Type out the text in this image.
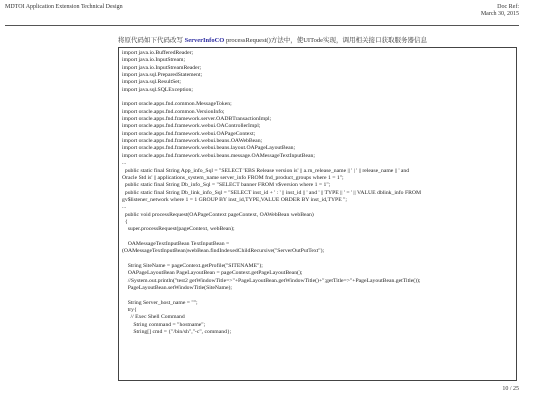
MDTOI Application Extension Technical Design	Doc Ref:
March 30, 2015
将原代码如下代码改写 ServerInfoCO processRequest()方法中，使UITode实现，调用相关接口获取服务器信息
import java.io.BufferedReader;
import java.io.InputStream;
import java.io.InputStreamReader;
import java.sql.PreparedStatement;
import java.sql.ResultSet;
import java.sql.SQLException;
import oracle.apps.fnd.common.MessageToken;
import oracle.apps.fnd.common.VersionInfo;
import oracle.apps.fnd.framework.server.OADBTransactionImpl;
import oracle.apps.fnd.framework.webui.OAControllerImpl;
import oracle.apps.fnd.framework.webui.OAPageContext;
import oracle.apps.fnd.framework.webui.beans.OAWebBean;
import oracle.apps.fnd.framework.webui.beans.layout.OAPageLayoutBean;
import oracle.apps.fnd.framework.webui.beans.message.OAMessageTextInputBean;
...
public static final String App_info_Sql = "SELECT 'EBS Release version is' || a.rn_release_name || ' | ' || release_name || ' and
Oracle Std is' || applications_system_name server_info FROM fnd_product_groups where 1 = 1";
public static final String Db_info_Sql = "SELECT banner FROM v$version where 1 = 1";
public static final String Db_link_info_Sql = "SELECT inst_id + ' : ' || inst_id || ' and ' || TYPE || ' = ' || VALUE dblink_info FROM
gv$listener_network where 1 = 1 GROUP BY inst_id,TYPE,VALUE ORDER BY inst_id,TYPE ";
...
public void processRequest(OAPageContext pageContext, OAWebBean webBean)
{
super.processRequest(pageContext, webBean);
OAMessageTextInputBean TextInputBean =
(OAMessageTextInputBean)webBean.findIndexedChildRecursive("ServerOutPutText");
String SiteName = pageContext.getProfile("SITENAME");
OAPageLayoutBean PageLayoutBean = pageContext.getPageLayoutBean();
//System.out.println("test2 getWindowTitle=>"+PageLayoutBean.getWindowTitle()+";getTitle=>"+PageLayoutBean.getTitle());
PageLayoutBean.setWindowTitle(SiteName);
String Server_host_name = "";
try{
// Exec Shell Command
String command = "hostname";
String[] cmd = {"/bin/sh","-c", command};
10 / 25
